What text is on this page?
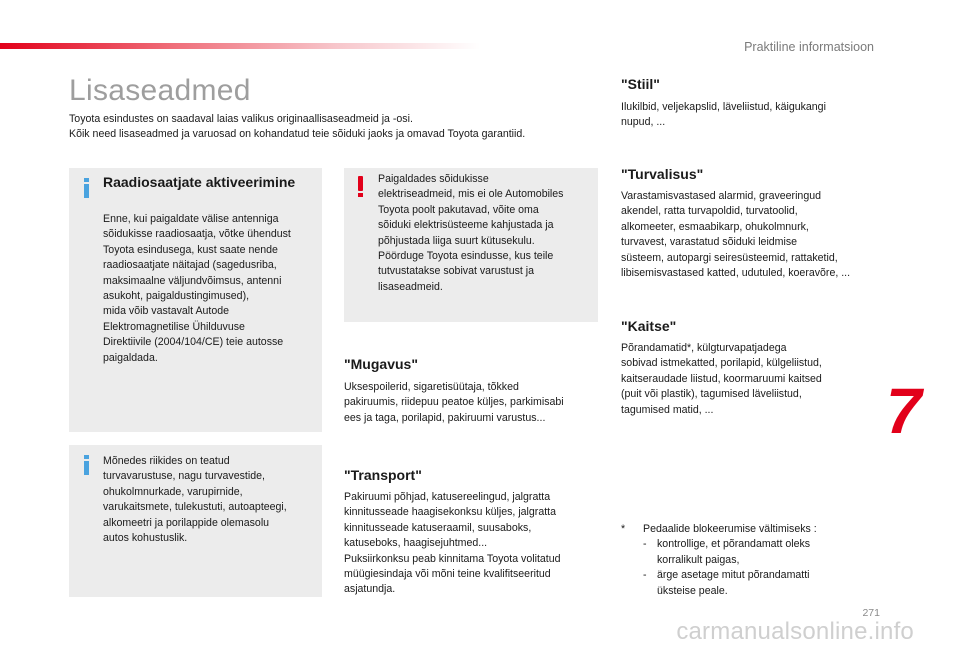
Praktiline informatsioon
Lisaseadmed

Toyota esindustes on saadaval laias valikus originaallisaseadmeid ja -osi.
Kõik need lisaseadmed ja varuosad on kohandatud teie sõiduki jaoks ja omavad Toyota garantiid.

Raadiosaatjate aktiveerimine

Enne, kui paigaldate välise antenniga
sõidukisse raadiosaatja, võtke ühendust
Toyota esindusega, kust saate nende
raadiosaatjate näitajad (sagedusriba,
maksimaalne väljundvõimsus, antenni
asukoht, paigaldustingimused),
mida võib vastavalt Autode
Elektromagnetilise Ühilduvuse
Direktiivile (2004/104/CE) teie autosse
paigaldada.

Mõnedes riikides on teatud
turvavarustuse, nagu turvavestide,
ohukolmnurkade, varupirnide,
varukaitsmete, tulekustuti, autoapteegi,
alkomeetri ja porilappide olemasolu
autos kohustuslik.

Paigaldades sõidukisse
elektriseadmeid, mis ei ole Automobiles
Toyota poolt pakutavad, võite oma
sõiduki elektrisüsteeme kahjustada ja
põhjustada liiga suurt kütusekulu.
Pöörduge Toyota esindusse, kus teile
tutvustatakse sobivat varustust ja
lisaseadmeid.

"Mugavus"

Uksespoilerid, sigaretisüütaja, tõkked
pakiruumis, riidepuu peatoe küljes, parkimisabi
ees ja taga, porilapid, pakiruumi varustus...

"Transport"

Pakiruumi põhjad, katusereelingud, jalgratta
kinnitusseade haagisekonksu küljes, jalgratta
kinnitusseade katuseraamil, suusaboks,
katuseboks, haagisejuhtmed...
Puksiirkonksu peab kinnitama Toyota volitatud
müügiesindaja või mõni teine kvalifitseeritud
asjatundja.

"Stiil"

Ilukilbid, veljekapslid, läveliistud, käigukangi
nupud, ...

"Turvalisus"

Varastamisvastased alarmid, graveeringud
akendel, ratta turvapoldid, turvatoolid,
alkomeeter, esmaabikarp, ohukolmnurk,
turvavest, varastatud sõiduki leidmise
süsteem, autopargi seiresüsteemid, rattaketid,
libisemisvastased katted, udutuled, koeravõre, ...

"Kaitse"

Põrandamatid*, külgturvapatjadega
sobivad istmekatted, porilapid, külgeliistud,
kaitseraudade liistud, koormaruumi kaitsed
(puit või plastik), tagumised läveliistud,
tagumised matid, ...

*	Pedaalide blokeerumise vältimiseks :
- kontrollige, et põrandamatt oleks
korralikult paigas,
- ärge asetage mitut põrandamatti
üksteise peale.
7
271
carmanualsonline.info
